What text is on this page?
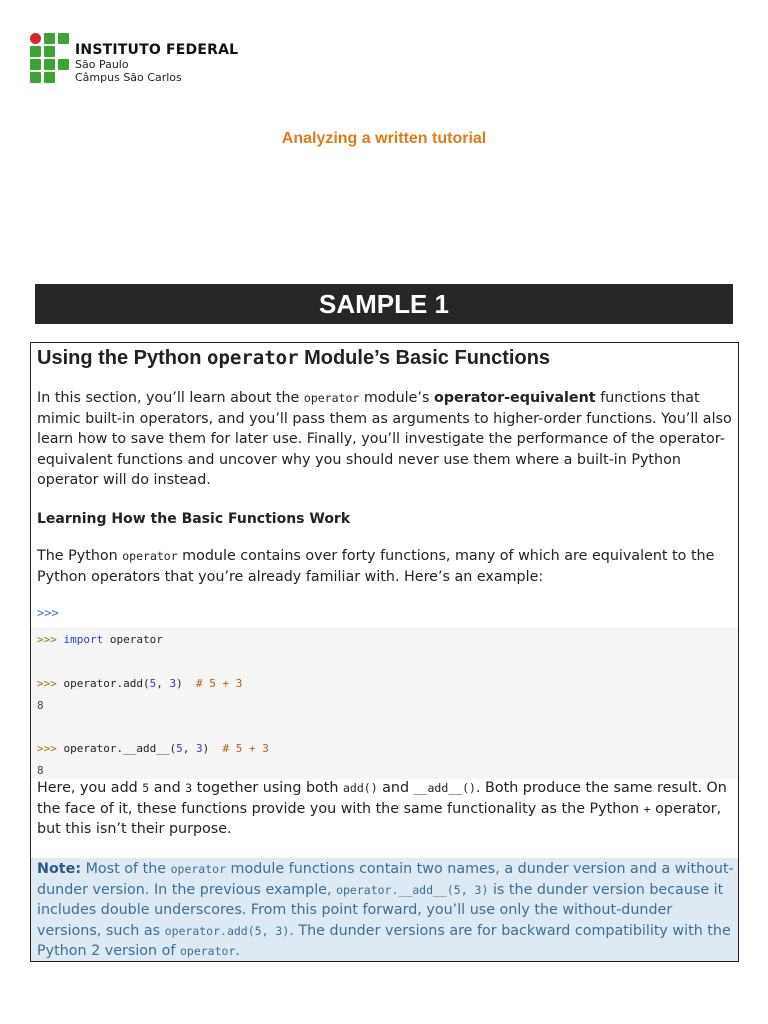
INSTITUTO FEDERAL
São Paulo
Câmpus São Carlos
Analyzing a written tutorial
SAMPLE 1
Using the Python operator Module’s Basic Functions

In this section, you’ll learn about the operator module’s operator-equivalent functions that mimic built-in operators, and you’ll pass them as arguments to higher-order functions. You’ll also learn how to save them for later use. Finally, you’ll investigate the performance of the operator-equivalent functions and uncover why you should never use them where a built-in Python operator will do instead.

Learning How the Basic Functions Work

The Python operator module contains over forty functions, many of which are equivalent to the Python operators that you’re already familiar with. Here’s an example:

>>>
>>> import operator
>>> operator.add(5, 3)  # 5 + 3
8
>>> operator.__add__(5, 3)  # 5 + 3
8

Here, you add 5 and 3 together using both add() and __add__(). Both produce the same result. On the face of it, these functions provide you with the same functionality as the Python + operator, but this isn’t their purpose.

Note: Most of the operator module functions contain two names, a dunder version and a without-dunder version. In the previous example, operator.__add__(5, 3) is the dunder version because it includes double underscores. From this point forward, you’ll use only the without-dunder versions, such as operator.add(5, 3). The dunder versions are for backward compatibility with the Python 2 version of operator.
